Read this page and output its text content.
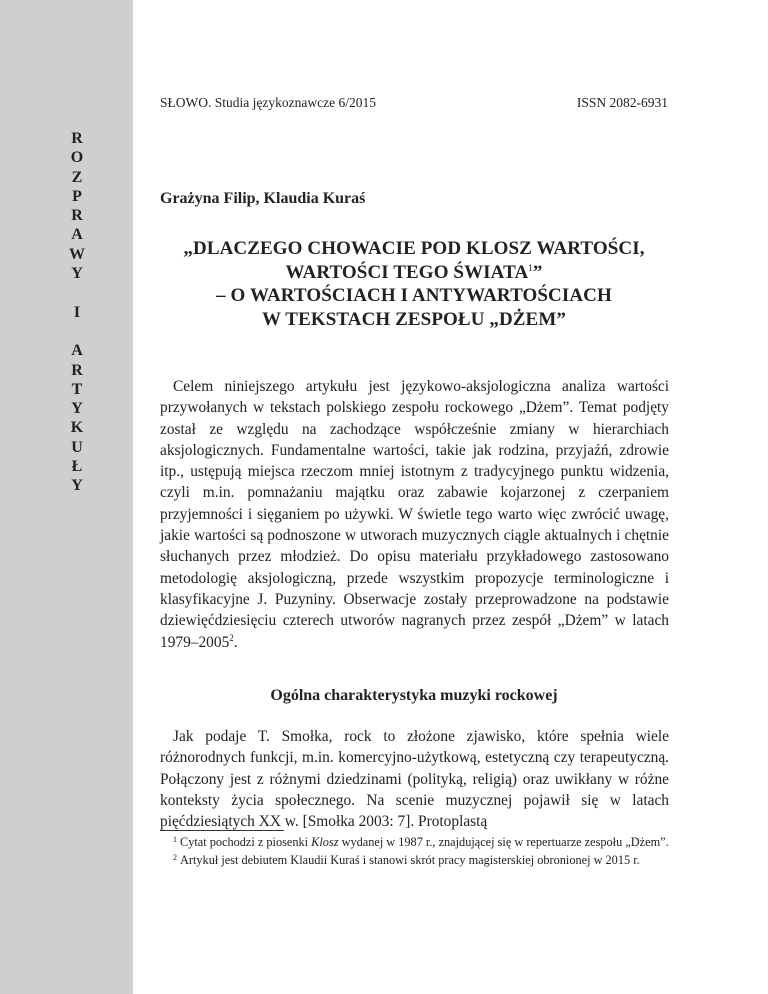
R
O
Z
P
R
A
W
Y
I
A
R
T
Y
K
U
Ł
Y
SŁOWO. Studia językoznawcze 6/2015	ISSN 2082-6931
Grażyna Filip, Klaudia Kuraś
„DLACZEGO CHOWACIE POD KLOSZ WARTOŚCI,
WARTOŚCI TEGO ŚWIATA$^1$”
– O WARTOŚCIACH I ANTYWARTOŚCIACH
W TEKSTACH ZESPOŁU „DŻEM”

Celem niniejszego artykułu jest językowo-aksjologiczna analiza wartości przywołanych w tekstach polskiego zespołu rockowego „Dżem”. Temat podjęty został ze względu na zachodzące współcześnie zmiany w hierarchiach aksjologicznych. Fundamentalne wartości, takie jak rodzina, przyjaźń, zdrowie itp., ustępują miejsca rzeczom mniej istotnym z tradycyjnego punktu widzenia, czyli m.in. pomnażaniu majątku oraz zabawie kojarzonej z czerpaniem przyjemności i sięganiem po używki. W świetle tego warto więc zwrócić uwagę, jakie wartości są podnoszone w utworach muzycznych ciągle aktualnych i chętnie słuchanych przez młodzież. Do opisu materiału przykładowego zastosowano metodologię aksjologiczną, przede wszystkim propozycje terminologiczne i klasyfikacyjne J. Puzyniny. Obserwacje zostały przeprowadzone na podstawie dziewięćdziesięciu czterech utworów nagranych przez zespół „Dżem” w latach 1979–2005$^2$.

Ogólna charakterystyka muzyki rockowej

Jak podaje T. Smołka, rock to złożone zjawisko, które spełnia wiele różnorodnych funkcji, m.in. komercyjno-użytkową, estetyczną czy terapeutyczną. Połączony jest z różnymi dziedzinami (polityką, religią) oraz uwikłany w różne konteksty życia społecznego. Na scenie muzycznej pojawił się w latach pięćdziesiątych XX w. [Smołka 2003: 7]. Protoplastą

$^1$ Cytat pochodzi z piosenki Klosz wydanej w 1987 r., znajdującej się w repertuarze zespołu „Dżem”.

$^2$ Artykuł jest debiutem Klaudii Kuraś i stanowi skrót pracy magisterskiej obronionej w 2015 r.
